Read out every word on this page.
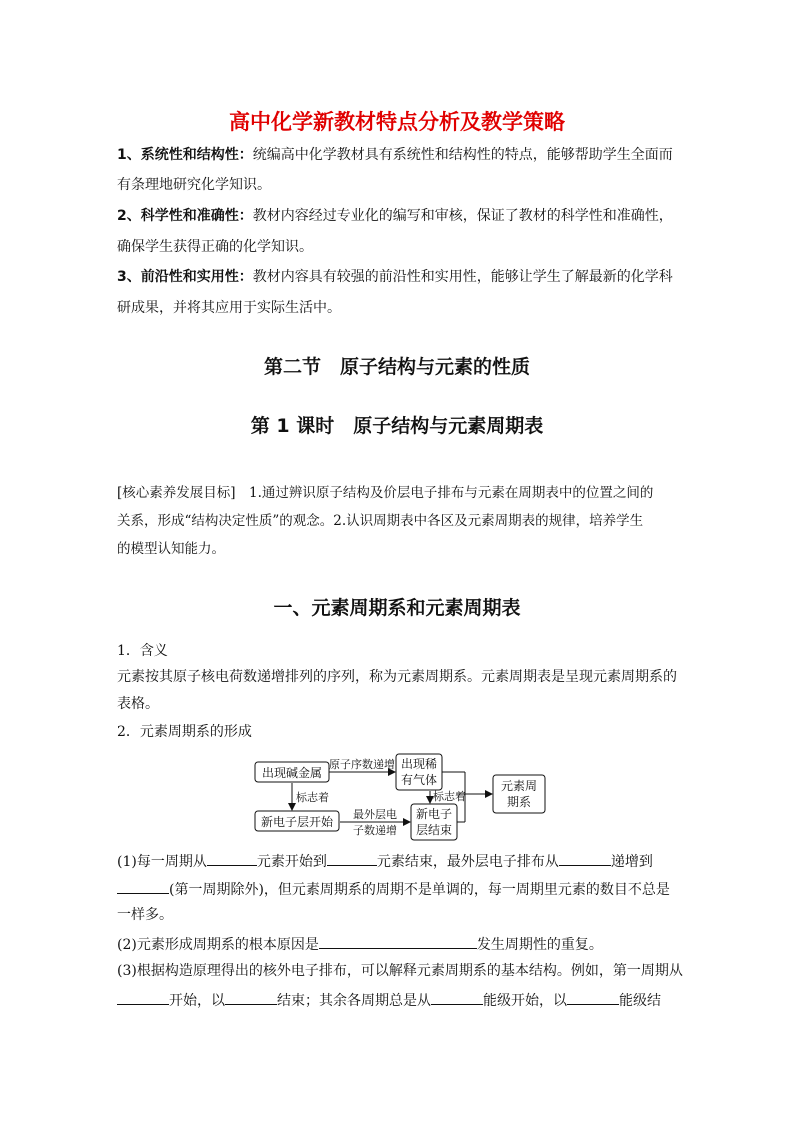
高中化学新教材特点分析及教学策略
1、系统性和结构性：统编高中化学教材具有系统性和结构性的特点，能够帮助学生全面而
有条理地研究化学知识。
2、科学性和准确性：教材内容经过专业化的编写和审核，保证了教材的科学性和准确性，
确保学生获得正确的化学知识。
3、前沿性和实用性：教材内容具有较强的前沿性和实用性，能够让学生了解最新的化学科
研成果，并将其应用于实际生活中。
第二节　原子结构与元素的性质
第 1 课时　原子结构与元素周期表
[核心素养发展目标]　1.通过辨识原子结构及价层电子排布与元素在周期表中的位置之间的
关系，形成“结构决定性质”的观念。2.认识周期表中各区及元素周期表的规律，培养学生
的模型认知能力。
一、元素周期系和元素周期表
1．含义
元素按其原子核电荷数递增排列的序列，称为元素周期系。元素周期表是呈现元素周期系的
表格。
2．元素周期系的形成
出现碱金属
原子序数递增 出现稀
有气体
标志着	标志着
元素周
期系
新电子层开始
最外层电
子数递增
新电子
层结束
(1)每一周期从	元素开始到	元素结束，最外层电子排布从	递增到
(第一周期除外)，但元素周期系的周期不是单调的，每一周期里元素的数目不总是
一样多。
(2)元素形成周期系的根本原因是	发生周期性的重复。
(3)根据构造原理得出的核外电子排布，可以解释元素周期系的基本结构。例如，第一周期从
开始，以	结束；其余各周期总是从	能级开始，以	能级结
